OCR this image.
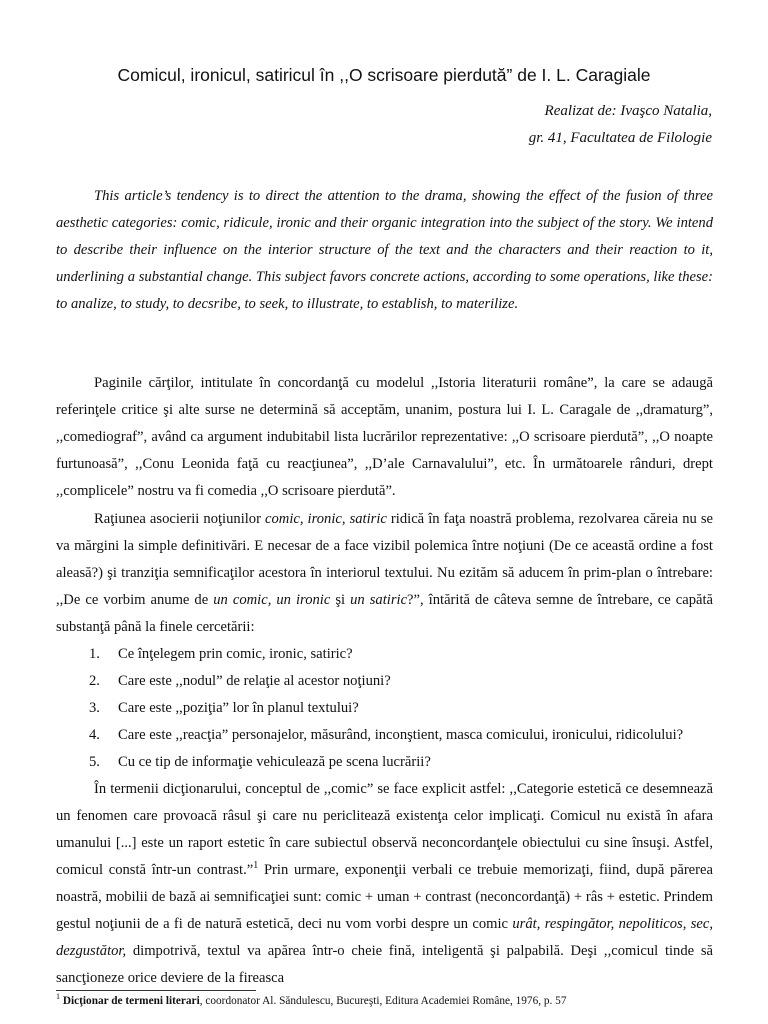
Comicul, ironicul, satiricul în ,,O scrisoare pierdută” de I. L. Caragiale
Realizat de: Ivaşco Natalia,
gr. 41, Facultatea de Filologie

This article’s tendency is to direct the attention to the drama, showing the effect of the fusion of three aesthetic categories: comic, ridicule, ironic and their organic integration into the subject of the story. We intend to describe their influence on the interior structure of the text and the characters and their reaction to it, underlining a substantial change. This subject favors concrete actions, according to some operations, like these: to analize, to study, to decsribe, to seek, to illustrate, to establish, to materilize.

Paginile cărţilor, intitulate în concordanţă cu modelul ,,Istoria literaturii române”, la care se adaugă referinţele critice şi alte surse ne determină să acceptăm, unanim, postura lui I. L. Caragale de ,,dramaturg”, ,,comediograf”, având ca argument indubitabil lista lucrărilor reprezentative: ,,O scrisoare pierdută”, ,,O noapte furtunoasă”, ,,Conu Leonida faţă cu reacţiunea”, ,,D’ale Carnavalului”, etc. În următoarele rânduri, drept ,,complicele” nostru va fi comedia ,,O scrisoare pierdută”.

Raţiunea asocierii noţiunilor comic, ironic, satiric ridică în faţa noastră problema, rezolvarea căreia nu se va mărgini la simple definitivări. E necesar de a face vizibil polemica între noţiuni (De ce această ordine a fost aleasă?) şi tranziţia semnificaţilor acestora în interiorul textului. Nu ezităm să aducem în prim-plan o întrebare: ,,De ce vorbim anume de un comic, un ironic şi un satiric?”, întărită de câteva semne de întrebare, ce capătă substanţă până la finele cercetării:

1. Ce înţelegem prin comic, ironic, satiric?
2. Care este ,,nodul” de relaţie al acestor noţiuni?
3. Care este ,,poziţia” lor în planul textului?
4. Care este ,,reacţia” personajelor, măsurând, inconştient, masca comicului, ironicului, ridicolului?
5. Cu ce tip de informaţie vehiculează pe scena lucrării?

În termenii dicţionarului, conceptul de ,,comic” se face explicit astfel: ,,Categorie estetică ce desemnează un fenomen care provoacă râsul şi care nu periclitează existenţa celor implicaţi. Comicul nu există în afara umanului [...] este un raport estetic în care subiectul observă neconcordanţele obiectului cu sine însuşi. Astfel, comicul constă într-un contrast.”$^1$ Prin urmare, exponenţii verbali ce trebuie memorizaţi, fiind, după părerea noastră, mobilii de bază ai semnificaţiei sunt: comic + uman + contrast (neconcordanţă) + râs + estetic. Prindem gestul noţiunii de a fi de natură estetică, deci nu vom vorbi despre un comic urât, respingător, nepoliticos, sec, dezgustător, dimpotrivă, textul va apărea într-o cheie fină, inteligentă şi palpabilă. Deşi ,,comicul tinde să sancţioneze orice deviere de la fireasca

$^1$ Dicţionar de termeni literari, coordonator Al. Săndulescu, Bucureşti, Editura Academiei Române, 1976, p. 57
